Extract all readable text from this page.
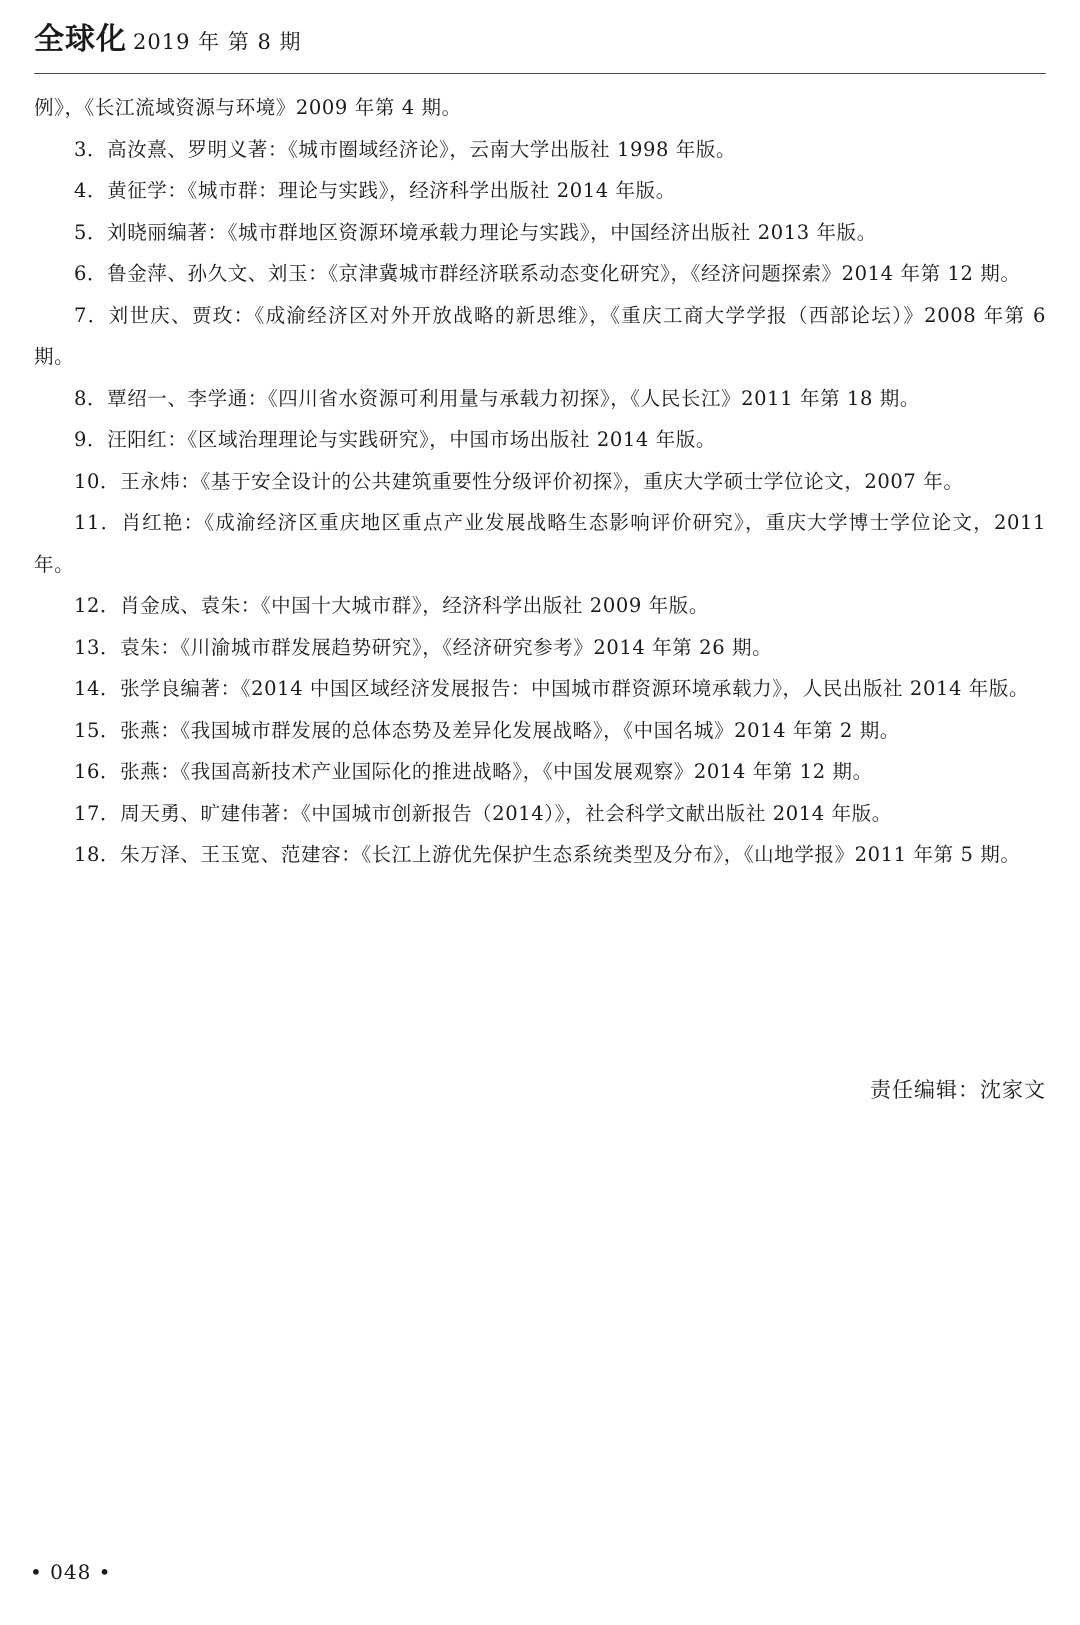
全球化 2019 年 第 8 期

例》，《长江流域资源与环境》2009 年第 4 期。

3．高汝熹、罗明义著：《城市圈域经济论》，云南大学出版社 1998 年版。

4．黄征学：《城市群：理论与实践》，经济科学出版社 2014 年版。

5．刘晓丽编著：《城市群地区资源环境承载力理论与实践》，中国经济出版社 2013 年版。

6．鲁金萍、孙久文、刘玉：《京津冀城市群经济联系动态变化研究》，《经济问题探索》2014 年第 12 期。

7．刘世庆、贾玫：《成渝经济区对外开放战略的新思维》，《重庆工商大学学报（西部论坛）》2008 年第 6 期。

8．覃绍一、李学通：《四川省水资源可利用量与承载力初探》，《人民长江》2011 年第 18 期。

9．汪阳红：《区域治理理论与实践研究》，中国市场出版社 2014 年版。

10．王永炜：《基于安全设计的公共建筑重要性分级评价初探》，重庆大学硕士学位论文，2007 年。

11．肖红艳：《成渝经济区重庆地区重点产业发展战略生态影响评价研究》，重庆大学博士学位论文，2011 年。

12．肖金成、袁朱：《中国十大城市群》，经济科学出版社 2009 年版。

13．袁朱：《川渝城市群发展趋势研究》，《经济研究参考》2014 年第 26 期。

14．张学良编著：《2014 中国区域经济发展报告：中国城市群资源环境承载力》，人民出版社 2014 年版。

15．张燕：《我国城市群发展的总体态势及差异化发展战略》，《中国名城》2014 年第 2 期。

16．张燕：《我国高新技术产业国际化的推进战略》，《中国发展观察》2014 年第 12 期。

17．周天勇、旷建伟著：《中国城市创新报告（2014）》，社会科学文献出版社 2014 年版。

18．朱万泽、王玉宽、范建容：《长江上游优先保护生态系统类型及分布》，《山地学报》2011 年第 5 期。

责任编辑：沈家文
• 048 •
